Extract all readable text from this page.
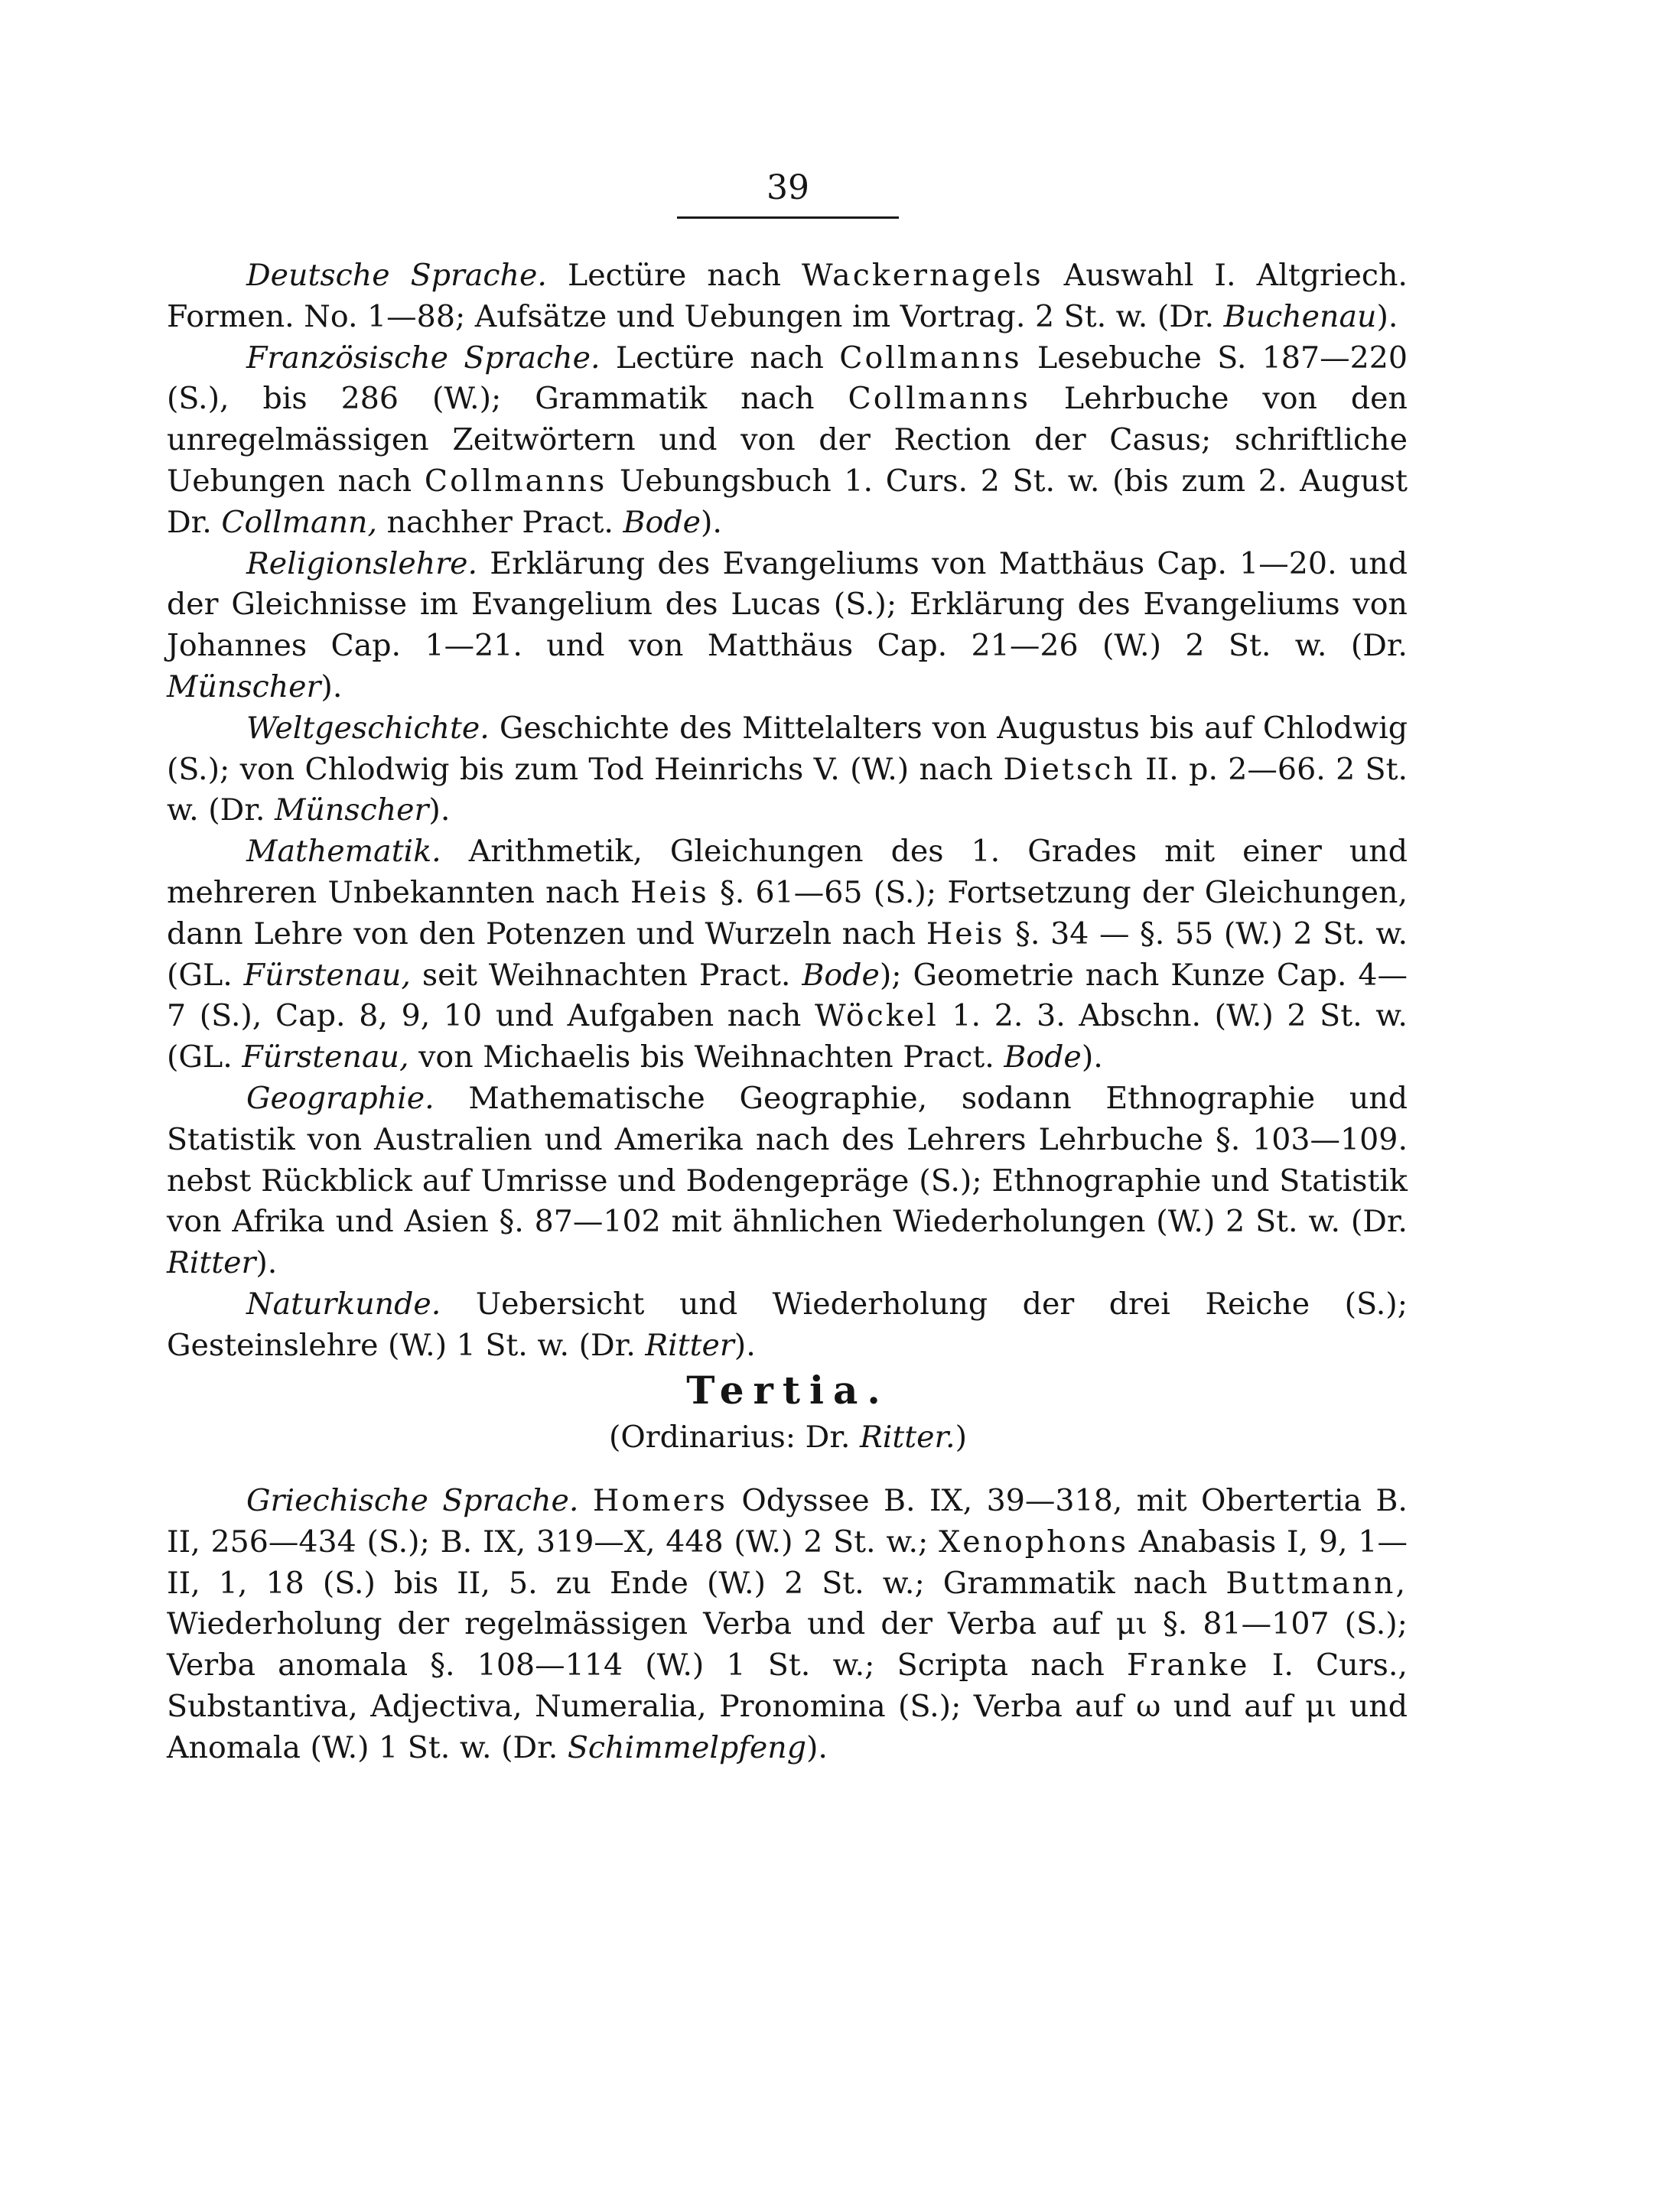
39

Deutsche Sprache. Lectüre nach Wackernagels Auswahl I. Altgriech. Formen. No. 1—88; Aufsätze und Uebungen im Vortrag. 2 St. w. (Dr. Buchenau).

Französische Sprache. Lectüre nach Collmanns Lesebuche S. 187—220 (S.), bis 286 (W.); Grammatik nach Collmanns Lehrbuche von den unregelmässigen Zeitwörtern und von der Rection der Casus; schriftliche Uebungen nach Collmanns Uebungsbuch 1. Curs. 2 St. w. (bis zum 2. August Dr. Collmann, nachher Pract. Bode).

Religionslehre. Erklärung des Evangeliums von Matthäus Cap. 1—20. und der Gleichnisse im Evangelium des Lucas (S.); Erklärung des Evangeliums von Johannes Cap. 1—21. und von Matthäus Cap. 21—26 (W.) 2 St. w. (Dr. Münscher).

Weltgeschichte. Geschichte des Mittelalters von Augustus bis auf Chlodwig (S.); von Chlodwig bis zum Tod Heinrichs V. (W.) nach Dietsch II. p. 2—66. 2 St. w. (Dr. Münscher).

Mathematik. Arithmetik, Gleichungen des 1. Grades mit einer und mehreren Unbekannten nach Heis §. 61—65 (S.); Fortsetzung der Gleichungen, dann Lehre von den Potenzen und Wurzeln nach Heis §. 34 — §. 55 (W.) 2 St. w. (GL. Fürstenau, seit Weihnachten Pract. Bode); Geometrie nach Kunze Cap. 4—7 (S.), Cap. 8, 9, 10 und Aufgaben nach Wöckel 1. 2. 3. Abschn. (W.) 2 St. w. (GL. Fürstenau, von Michaelis bis Weihnachten Pract. Bode).

Geographie. Mathematische Geographie, sodann Ethnographie und Statistik von Australien und Amerika nach des Lehrers Lehrbuche §. 103—109. nebst Rückblick auf Umrisse und Bodengepräge (S.); Ethnographie und Statistik von Afrika und Asien §. 87—102 mit ähnlichen Wiederholungen (W.) 2 St. w. (Dr. Ritter).

Naturkunde. Uebersicht und Wiederholung der drei Reiche (S.); Gesteinslehre (W.) 1 St. w. (Dr. Ritter).

Tertia.
(Ordinarius: Dr. Ritter.)

Griechische Sprache. Homers Odyssee B. IX, 39—318, mit Obertertia B. II, 256—434 (S.); B. IX, 319—X, 448 (W.) 2 St. w.; Xenophons Anabasis I, 9, 1—II, 1, 18 (S.) bis II, 5. zu Ende (W.) 2 St. w.; Grammatik nach Buttmann, Wiederholung der regelmässigen Verba und der Verba auf μι §. 81—107 (S.); Verba anomala §. 108—114 (W.) 1 St. w.; Scripta nach Franke I. Curs., Substantiva, Adjectiva, Numeralia, Pronomina (S.); Verba auf ω und auf μι und Anomala (W.) 1 St. w. (Dr. Schimmelpfeng).
